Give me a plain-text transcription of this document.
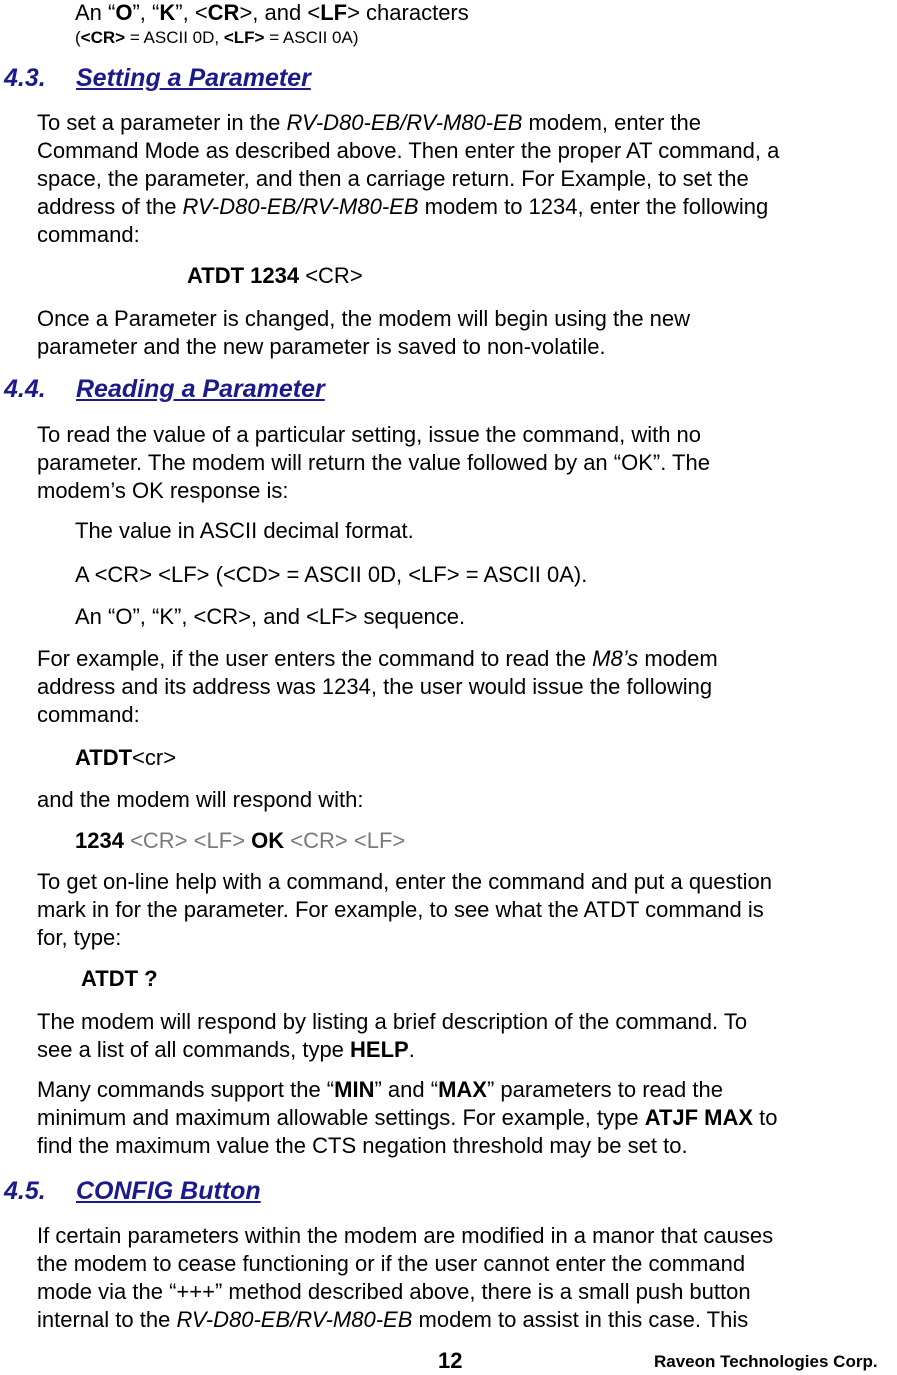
An “O”, “K”, <CR>, and <LF> characters
(<CR> = ASCII 0D, <LF> = ASCII 0A)
4.3. Setting a Parameter
To set a parameter in the RV-D80-EB/RV-M80-EB modem, enter the
Command Mode as described above. Then enter the proper AT command, a
space, the parameter, and then a carriage return. For Example, to set the
address of the RV-D80-EB/RV-M80-EB modem to 1234, enter the following
command:
ATDT 1234 <CR>
Once a Parameter is changed, the modem will begin using the new
parameter and the new parameter is saved to non-volatile.
4.4. Reading a Parameter
To read the value of a particular setting, issue the command, with no
parameter. The modem will return the value followed by an “OK”. The
modem’s OK response is:
The value in ASCII decimal format.
A <CR> <LF> (<CD> = ASCII 0D, <LF> = ASCII 0A).
An “O”, “K”, <CR>, and <LF> sequence.
For example, if the user enters the command to read the M8’s modem
address and its address was 1234, the user would issue the following
command:
ATDT<cr>
and the modem will respond with:
1234 <CR> <LF> OK <CR> <LF>
To get on-line help with a command, enter the command and put a question
mark in for the parameter. For example, to see what the ATDT command is
for, type:
ATDT ?
The modem will respond by listing a brief description of the command. To
see a list of all commands, type HELP.
Many commands support the “MIN” and “MAX” parameters to read the
minimum and maximum allowable settings. For example, type ATJF MAX to
find the maximum value the CTS negation threshold may be set to.
4.5. CONFIG Button
If certain parameters within the modem are modified in a manor that causes
the modem to cease functioning or if the user cannot enter the command
mode via the “+++” method described above, there is a small push button
internal to the RV-D80-EB/RV-M80-EB modem to assist in this case. This
12	Raveon Technologies Corp.
